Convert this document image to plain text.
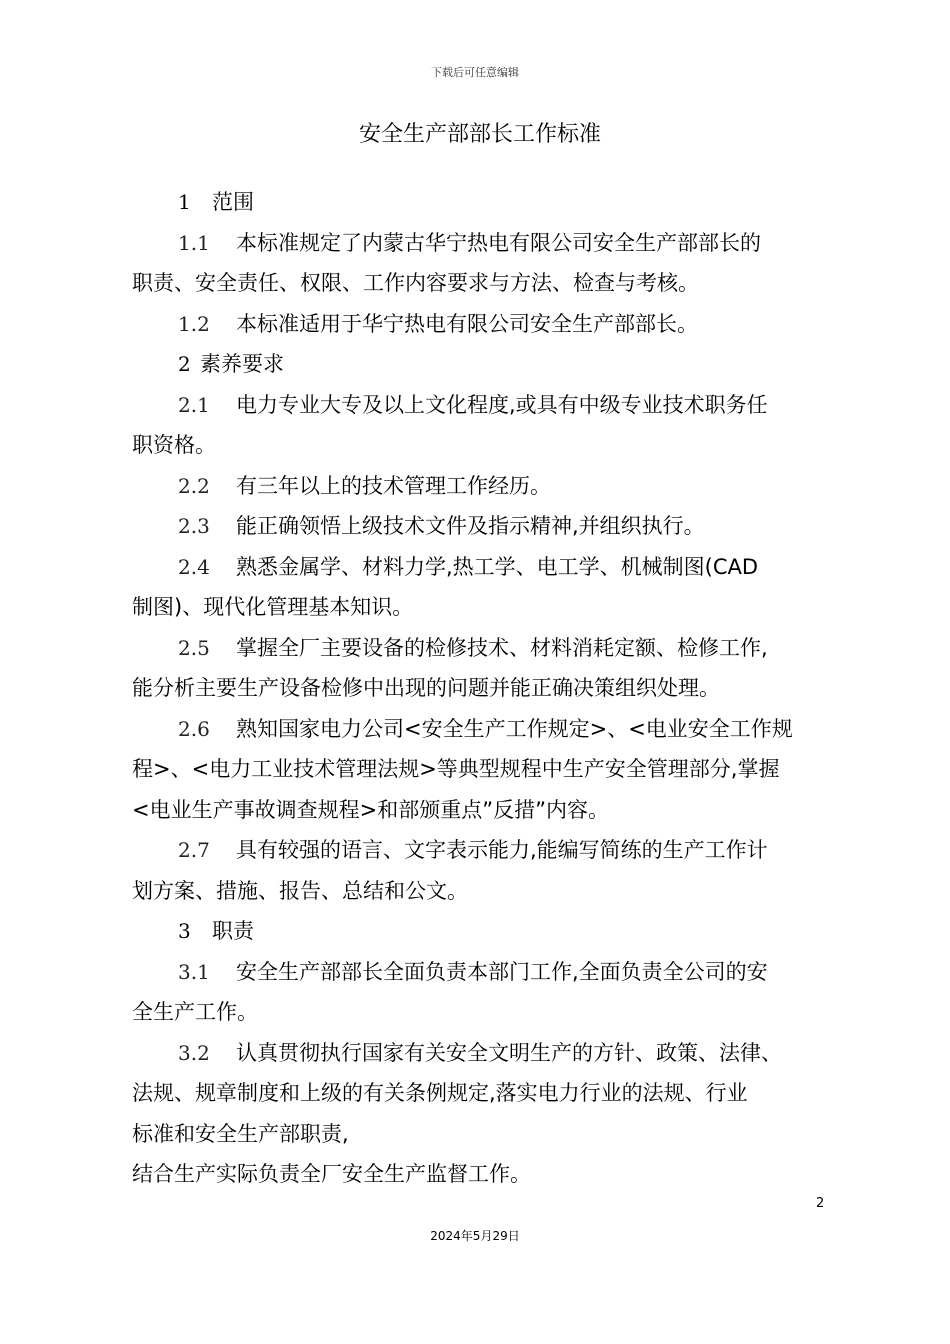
下载后可任意编辑
安全生产部部长工作标准
1 范围
1.1 本标准规定了内蒙古华宁热电有限公司安全生产部部长的
职责、安全责任、权限、工作内容要求与方法、检查与考核。
1.2 本标准适用于华宁热电有限公司安全生产部部长。
2 素养要求
2.1 电力专业大专及以上文化程度,或具有中级专业技术职务任
职资格。
2.2 有三年以上的技术管理工作经历。
2.3 能正确领悟上级技术文件及指示精神,并组织执行。
2.4 熟悉金属学、材料力学,热工学、电工学、机械制图(CAD
制图)、现代化管理基本知识。
2.5 掌握全厂主要设备的检修技术、材料消耗定额、检修工作,
能分析主要生产设备检修中出现的问题并能正确决策组织处理。
2.6 熟知国家电力公司<安全生产工作规定>、<电业安全工作规
程>、<电力工业技术管理法规>等典型规程中生产安全管理部分,掌握
<电业生产事故调查规程>和部颁重点”反措”内容。
2.7 具有较强的语言、文字表示能力,能编写简练的生产工作计
划方案、措施、报告、总结和公文。
3 职责
3.1 安全生产部部长全面负责本部门工作,全面负责全公司的安
全生产工作。
3.2 认真贯彻执行国家有关安全文明生产的方针、政策、法律、
法规、规章制度和上级的有关条例规定,落实电力行业的法规、行业
标准和安全生产部职责,
结合生产实际负责全厂安全生产监督工作。
2
2024年5月29日
